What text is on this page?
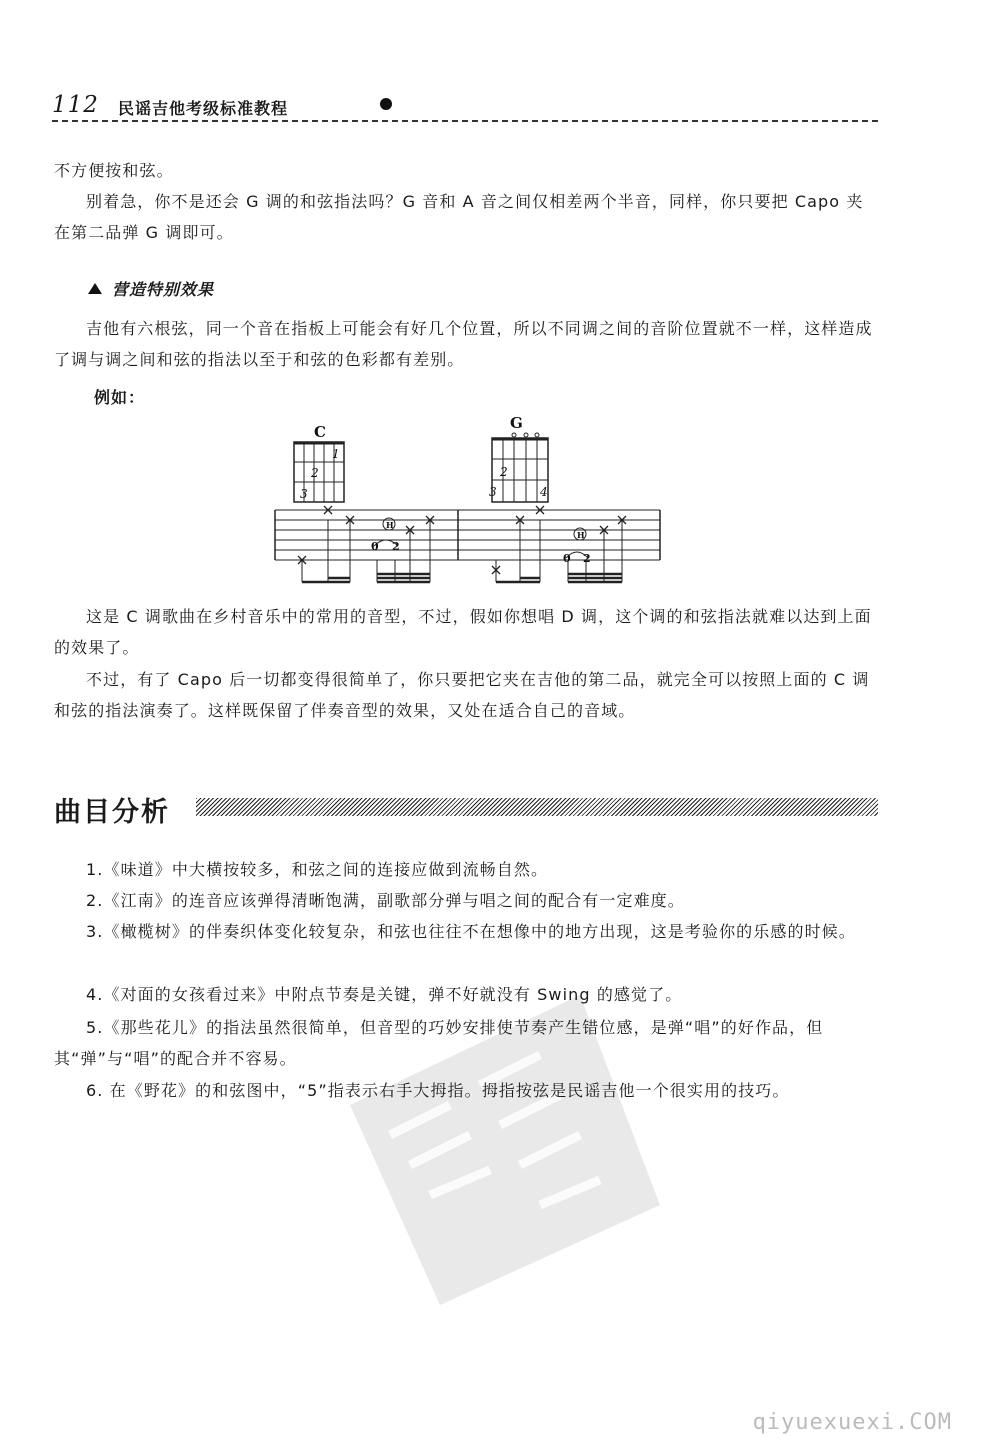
112 民谣吉他考级标准教程

不方便按和弦。

别着急，你不是还会 G 调的和弦指法吗？G 音和 A 音之间仅相差两个半音，同样，你只要把 Capo 夹在第二品弹 G 调即可。

营造特别效果

吉他有六根弦，同一个音在指板上可能会有好几个位置，所以不同调之间的音阶位置就不一样，这样造成了调与调之间和弦的指法以至于和弦的色彩都有差别。

例如：
C	G
1
2
3
2
3	4
H
H
0 2
0 2

这是 C 调歌曲在乡村音乐中的常用的音型，不过，假如你想唱 D 调，这个调的和弦指法就难以达到上面的效果了。

不过，有了 Capo 后一切都变得很简单了，你只要把它夹在吉他的第二品，就完全可以按照上面的 C 调和弦的指法演奏了。这样既保留了伴奏音型的效果，又处在适合自己的音域。

曲目分析

1.《味道》中大横按较多，和弦之间的连接应做到流畅自然。

2.《江南》的连音应该弹得清晰饱满，副歌部分弹与唱之间的配合有一定难度。

3.《橄榄树》的伴奏织体变化较复杂，和弦也往往不在想像中的地方出现，这是考验你的乐感的时候。

4.《对面的女孩看过来》中附点节奏是关键，弹不好就没有 Swing 的感觉了。

5.《那些花儿》的指法虽然很简单，但音型的巧妙安排使节奏产生错位感，是弹“唱”的好作品，但其“弹”与“唱”的配合并不容易。

6. 在《野花》的和弦图中，“5”指表示右手大拇指。拇指按弦是民谣吉他一个很实用的技巧。

qiyuexuexi.COM
